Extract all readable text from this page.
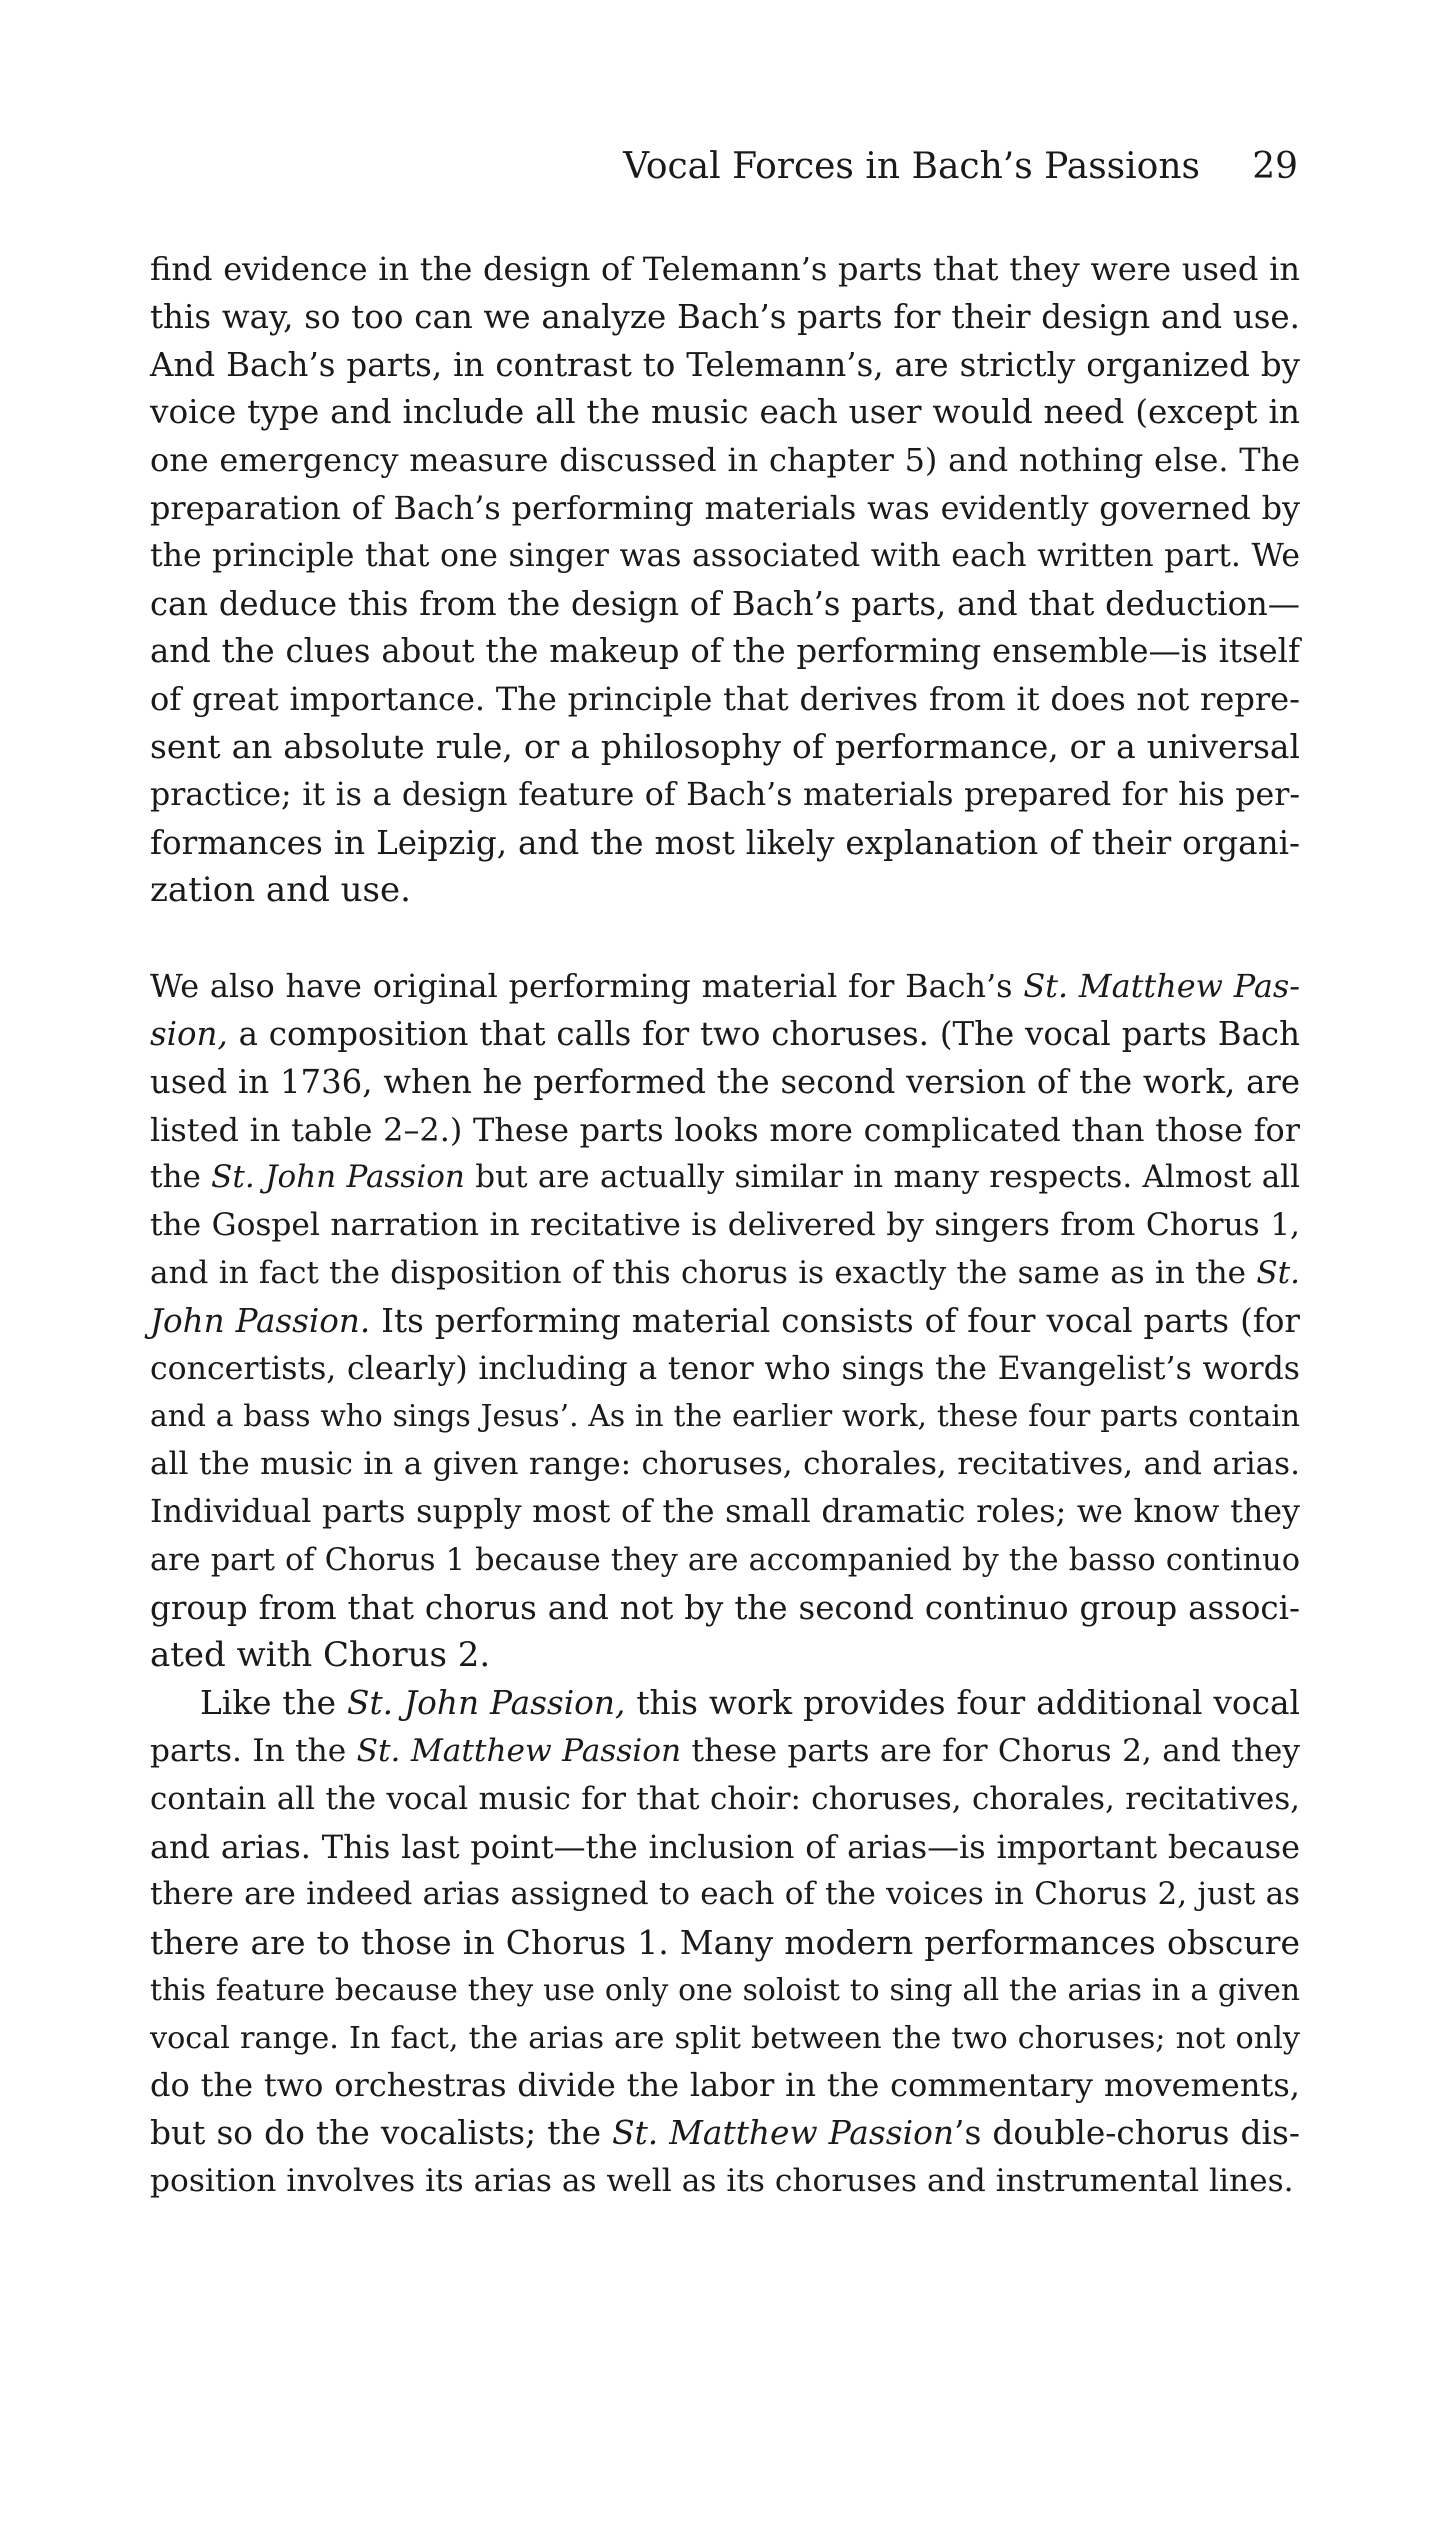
Vocal Forces in Bach’s Passions 29
find evidence in the design of Telemann’s parts that they were used in
this way, so too can we analyze Bach’s parts for their design and use.
And Bach’s parts, in contrast to Telemann’s, are strictly organized by
voice type and include all the music each user would need (except in
one emergency measure discussed in chapter 5) and nothing else. The
preparation of Bach’s performing materials was evidently governed by
the principle that one singer was associated with each written part. We
can deduce this from the design of Bach’s parts, and that deduction—
and the clues about the makeup of the performing ensemble—is itself
of great importance. The principle that derives from it does not repre-
sent an absolute rule, or a philosophy of performance, or a universal
practice; it is a design feature of Bach’s materials prepared for his per-
formances in Leipzig, and the most likely explanation of their organi-
zation and use.
We also have original performing material for Bach’s St. Matthew Pas-
sion, a composition that calls for two choruses. (The vocal parts Bach
used in 1736, when he performed the second version of the work, are
listed in table 2–2.) These parts looks more complicated than those for
the St. John Passion but are actually similar in many respects. Almost all
the Gospel narration in recitative is delivered by singers from Chorus 1,
and in fact the disposition of this chorus is exactly the same as in the St.
John Passion. Its performing material consists of four vocal parts (for
concertists, clearly) including a tenor who sings the Evangelist’s words
and a bass who sings Jesus’. As in the earlier work, these four parts contain
all the music in a given range: choruses, chorales, recitatives, and arias.
Individual parts supply most of the small dramatic roles; we know they
are part of Chorus 1 because they are accompanied by the basso continuo
group from that chorus and not by the second continuo group associ-
ated with Chorus 2.
Like the St. John Passion, this work provides four additional vocal
parts. In the St. Matthew Passion these parts are for Chorus 2, and they
contain all the vocal music for that choir: choruses, chorales, recitatives,
and arias. This last point—the inclusion of arias—is important because
there are indeed arias assigned to each of the voices in Chorus 2, just as
there are to those in Chorus 1. Many modern performances obscure
this feature because they use only one soloist to sing all the arias in a given
vocal range. In fact, the arias are split between the two choruses; not only
do the two orchestras divide the labor in the commentary movements,
but so do the vocalists; the St. Matthew Passion’s double-chorus dis-
position involves its arias as well as its choruses and instrumental lines.
